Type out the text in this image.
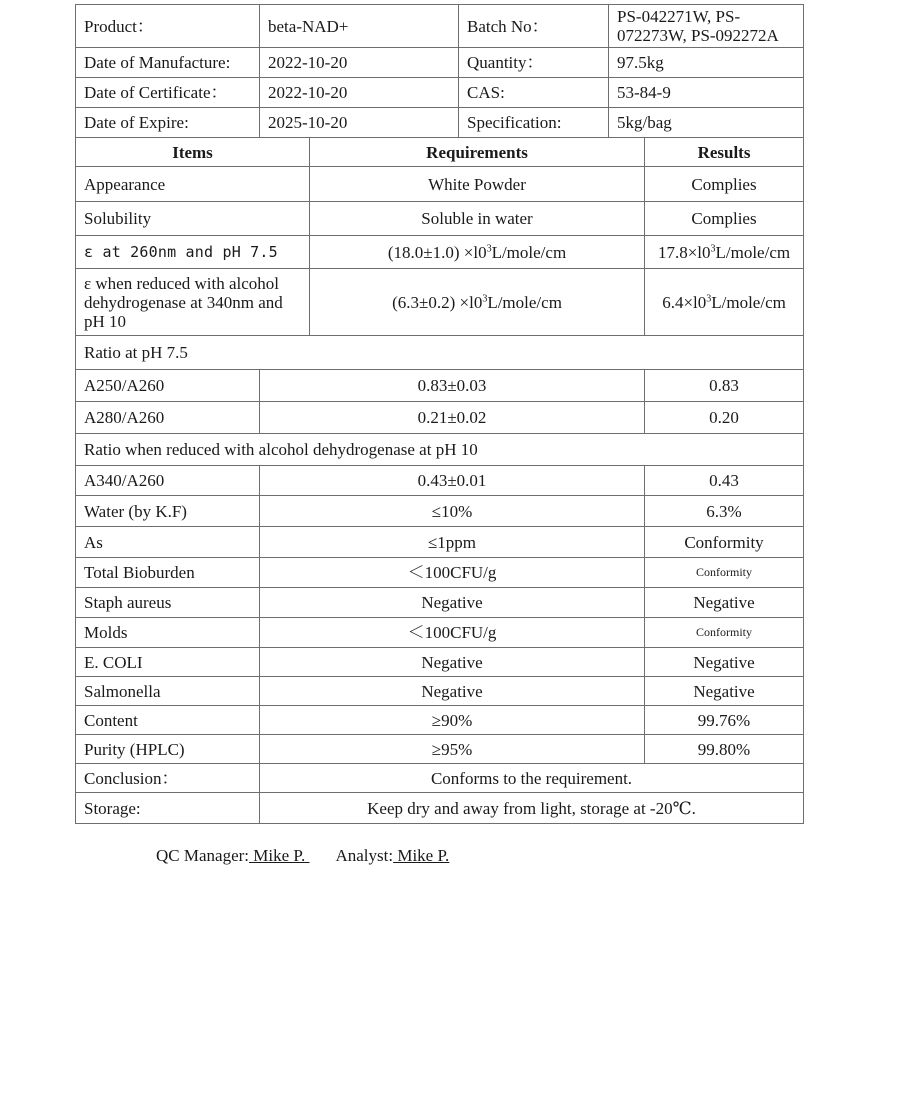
Product：	beta-NAD+	Batch No：	PS-042271W, PS-072273W, PS-092272A
Date of Manufacture:	2022-10-20	Quantity：	97.5kg
Date of Certificate：	2022-10-20	CAS:	53-84-9
Date of Expire:	2025-10-20	Specification:	5kg/bag
Items		Requirements	Results
Appearance		White Powder	Complies
Solubility		Soluble in water	Complies
ε at 260nm and pH 7.5		$(18.0\pm 1.0) \times l0^3L/mole/cm$	$17.8\times l0^3L/mole/cm$
ε when reduced with alcohol dehydrogenase at 340nm and pH 10		$(6.3\pm 0.2) \times l0^3L/mole/cm$	$6.4\times l0^3L/mole/cm$
Ratio at pH 7.5			
A250/A260	0.83±0.03		0.83
A280/A260	0.21±0.02		0.20
Ratio when reduced with alcohol dehydrogenase at pH 10			
A340/A260	0.43±0.01		0.43
Water (by K.F)	≤10%		6.3%
As	≤1ppm		Conformity
Total Bioburden	＜100CFU/g		Conformity
Staph aureus	Negative		Negative
Molds	＜100CFU/g		Conformity
E. COLI	Negative		Negative
Salmonella	Negative		Negative
Content	≥90%		99.76%
Purity (HPLC)	≥95%		99.80%
Conclusion：	Conforms to the requirement.		
Storage:	Keep dry and away from light, storage at -20℃.		
QC Manager: Mike P. Analyst: Mike P.
